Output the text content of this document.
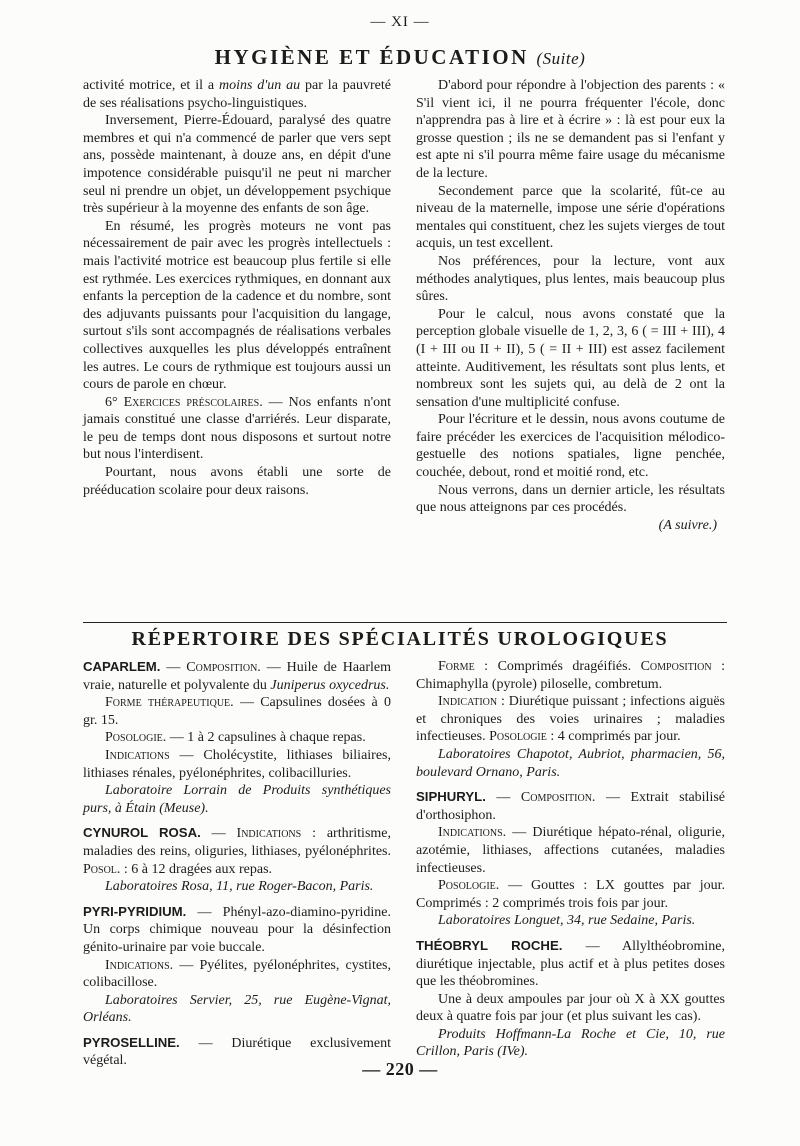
— XI —
HYGIÈNE ET ÉDUCATION (Suite)

activité motrice, et il a moins d'un au par la pauvreté de ses réalisations psycho-linguistiques.

Inversement, Pierre-Édouard, paralysé des quatre membres et qui n'a commencé de parler que vers sept ans, possède maintenant, à douze ans, en dépit d'une impotence considérable puisqu'il ne peut ni marcher seul ni prendre un objet, un développement psychique très supérieur à la moyenne des enfants de son âge.

En résumé, les progrès moteurs ne vont pas nécessairement de pair avec les progrès intellectuels : mais l'activité motrice est beaucoup plus fertile si elle est rythmée. Les exercices rythmiques, en donnant aux enfants la perception de la cadence et du nombre, sont des adjuvants puissants pour l'acquisition du langage, surtout s'ils sont accompagnés de réalisations verbales collectives auxquelles les plus développés entraînent les autres. Le cours de rythmique est toujours aussi un cours de parole en chœur.

6° Exercices préscolaires. — Nos enfants n'ont jamais constitué une classe d'arriérés. Leur disparate, le peu de temps dont nous disposons et surtout notre but nous l'interdisent.

Pourtant, nous avons établi une sorte de prééducation scolaire pour deux raisons.

D'abord pour répondre à l'objection des parents : « S'il vient ici, il ne pourra fréquenter l'école, donc n'apprendra pas à lire et à écrire » : là est pour eux la grosse question ; ils ne se demandent pas si l'enfant y est apte ni s'il pourra même faire usage du mécanisme de la lecture.

Secondement parce que la scolarité, fût-ce au niveau de la maternelle, impose une série d'opérations mentales qui constituent, chez les sujets vierges de tout acquis, un test excellent.

Nos préférences, pour la lecture, vont aux méthodes analytiques, plus lentes, mais beaucoup plus sûres.

Pour le calcul, nous avons constaté que la perception globale visuelle de 1, 2, 3, 6 ( = III + III), 4 (I + III ou II + II), 5 ( = II + III) est assez facilement atteinte. Auditivement, les résultats sont plus lents, et nombreux sont les sujets qui, au delà de 2 ont la sensation d'une multiplicité confuse.

Pour l'écriture et le dessin, nous avons coutume de faire précéder les exercices de l'acquisition mélodico-gestuelle des notions spatiales, ligne penchée, couchée, debout, rond et moitié rond, etc.

Nous verrons, dans un dernier article, les résultats que nous atteignons par ces procédés.

(A suivre.)

RÉPERTOIRE DES SPÉCIALITÉS UROLOGIQUES

CAPARLEM. — Composition. — Huile de Haarlem vraie, naturelle et polyvalente du Juniperus oxycedrus.

Forme thérapeutique. — Capsulines dosées à 0 gr. 15.

Posologie. — 1 à 2 capsulines à chaque repas.

Indications — Cholécystite, lithiases biliaires, lithiases rénales, pyélonéphrites, colibacilluries.

Laboratoire Lorrain de Produits synthétiques purs, à Étain (Meuse).

CYNUROL ROSA. — Indications : arthritisme, maladies des reins, oliguries, lithiases, pyélonéphrites. Posol. : 6 à 12 dragées aux repas.

Laboratoires Rosa, 11, rue Roger-Bacon, Paris.

PYRI-PYRIDIUM. — Phényl-azo-diamino-pyridine. Un corps chimique nouveau pour la désinfection génito-urinaire par voie buccale.

Indications. — Pyélites, pyélonéphrites, cystites, colibacillose.

Laboratoires Servier, 25, rue Eugène-Vignat, Orléans.

PYROSELLINE. — Diurétique exclusivement végétal.

Forme : Comprimés dragéifiés. Composition : Chimaphylla (pyrole) piloselle, combretum.

Indication : Diurétique puissant ; infections aiguës et chroniques des voies urinaires ; maladies infectieuses. Posologie : 4 comprimés par jour.

Laboratoires Chapotot, Aubriot, pharmacien, 56, boulevard Ornano, Paris.

SIPHURYL. — Composition. — Extrait stabilisé d'orthosiphon.

Indications. — Diurétique hépato-rénal, oligurie, azotémie, lithiases, affections cutanées, maladies infectieuses.

Posologie. — Gouttes : LX gouttes par jour. Comprimés : 2 comprimés trois fois par jour.

Laboratoires Longuet, 34, rue Sedaine, Paris.

THÉOBRYL ROCHE. — Allylthéobromine, diurétique injectable, plus actif et à plus petites doses que les théobromines.

Une à deux ampoules par jour où X à XX gouttes deux à quatre fois par jour (et plus suivant les cas).

Produits Hoffmann-La Roche et Cie, 10, rue Crillon, Paris (IVe).

— 220 —
